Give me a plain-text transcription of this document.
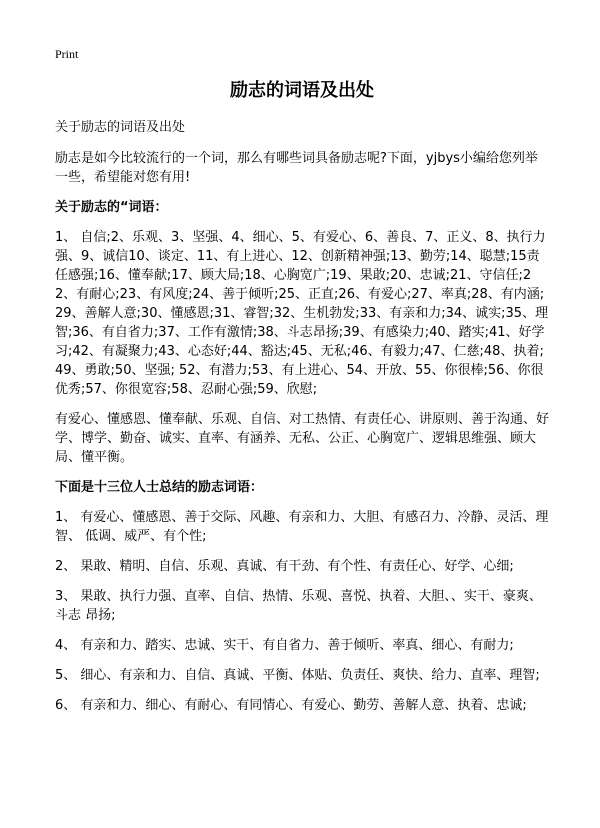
Print
励志的词语及出处

关于励志的词语及出处

励志是如今比较流行的一个词，那么有哪些词具备励志呢?下面，yjbys小编给您列举一些，希望能对您有用!

关于励志的“词语：

1、 自信;2、乐观、3、坚强、4、细心、5、有爱心、6、善良、7、正义、8、执行力强、9、诚信10、谈定、11、有上进心、12、创新精神强;13、勤劳;14、聪慧;15责任感强;16、懂奉献;17、顾大局;18、心胸宽广;19、果敢;20、忠诚;21、守信任;22、有耐心;23、有风度;24、善于倾听;25、正直;26、有爱心;27、率真;28、有内涵;29、善解人意;30、懂感恩;31、睿智;32、生机勃发;33、有亲和力;34、诚实;35、理智;36、有自省力;37、工作有激情;38、斗志昂扬;39、有感染力;40、踏实;41、好学习;42、有凝聚力;43、心态好;44、豁达;45、无私;46、有毅力;47、仁慈;48、执着;49、勇敢;50、坚强; 52、有潜力;53、有上进心、54、开放、55、你很棒;56、你很优秀;57、你很宽容;58、忍耐心强;59、欣慰;

有爱心、懂感恩、懂奉献、乐观、自信、对工热情、有责任心、讲原则、善于沟通、好学、博学、勤奋、诚实、直率、有涵养、无私、公正、心胸宽广、逻辑思维强、顾大局、懂平衡。

下面是十三位人士总结的励志词语：

1、 有爱心、懂感恩、善于交际、风趣、有亲和力、大胆、有感召力、冷静、灵活、理智、 低调、威严、有个性;

2、 果敢、精明、自信、乐观、真诚、有干劲、有个性、有责任心、好学、心细;

3、 果敢、执行力强、直率、自信、热情、乐观、喜悦、执着、大胆、、实干、豪爽、斗志 昂扬;

4、 有亲和力、踏实、忠诚、实干、有自省力、善于倾听、率真、细心、有耐力;

5、 细心、有亲和力、自信、真诚、平衡、体贴、负责任、爽快、给力、直率、理智;

6、 有亲和力、细心、有耐心、有同情心、有爱心、勤劳、善解人意、执着、忠诚;
